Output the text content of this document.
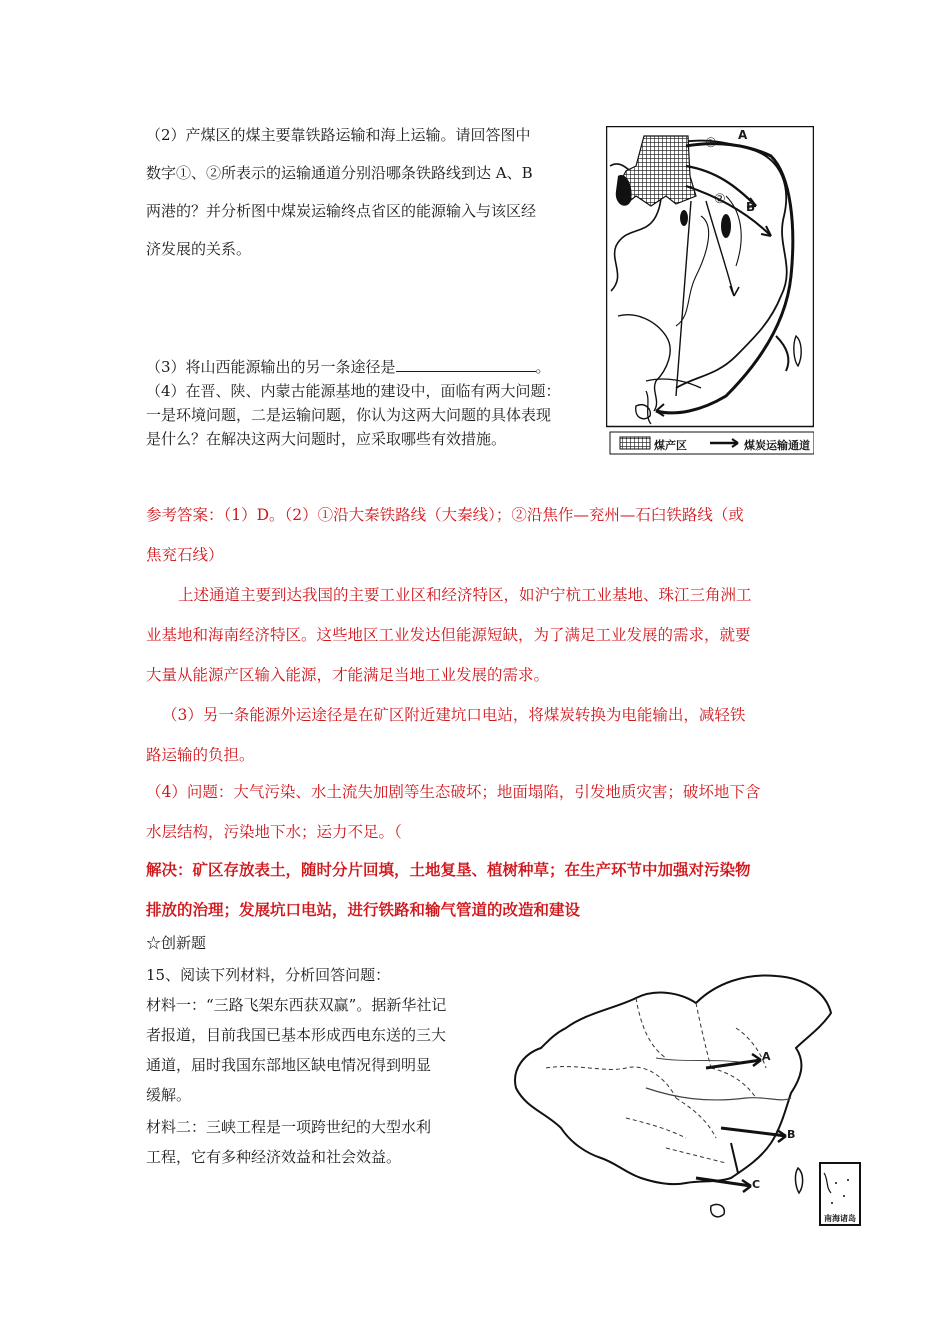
（2）产煤区的煤主要靠铁路运输和海上运输。请回答图中
数字①、②所表示的运输通道分别沿哪条铁路线到达 A、B
两港的？并分析图中煤炭运输终点省区的能源输入与该区经
济发展的关系。
（3）将山西能源输出的另一条途径是	。
（4）在晋、陕、内蒙古能源基地的建设中，面临有两大问题：
一是环境问题，二是运输问题，你认为这两大问题的具体表现
是什么？在解决这两大问题时，应采取哪些有效措施。
①
②
A
B
煤产区	煤炭运输通道
参考答案：（1）D。（2）①沿大秦铁路线（大秦线）；②沿焦作—兖州—石臼铁路线（或
焦兖石线）
上述通道主要到达我国的主要工业区和经济特区，如沪宁杭工业基地、珠江三角洲工
业基地和海南经济特区。这些地区工业发达但能源短缺，为了满足工业发展的需求，就要
大量从能源产区输入能源，才能满足当地工业发展的需求。
（3）另一条能源外运途径是在矿区附近建坑口电站，将煤炭转换为电能输出，减轻铁
路运输的负担。
（4）问题：大气污染、水土流失加剧等生态破坏；地面塌陷，引发地质灾害；破坏地下含
水层结构，污染地下水；运力不足。（
解决：矿区存放表土，随时分片回填，土地复垦、植树种草；在生产环节中加强对污染物
排放的治理；发展坑口电站，进行铁路和输气管道的改造和建设
☆创新题
15、阅读下列材料，分析回答问题：
材料一：“三路飞架东西获双赢”。据新华社记
者报道，目前我国已基本形成西电东送的三大
通道，届时我国东部地区缺电情况得到明显
缓解。
材料二：三峡工程是一项跨世纪的大型水利
工程，它有多种经济效益和社会效益。
A
B
C
南海诸岛
